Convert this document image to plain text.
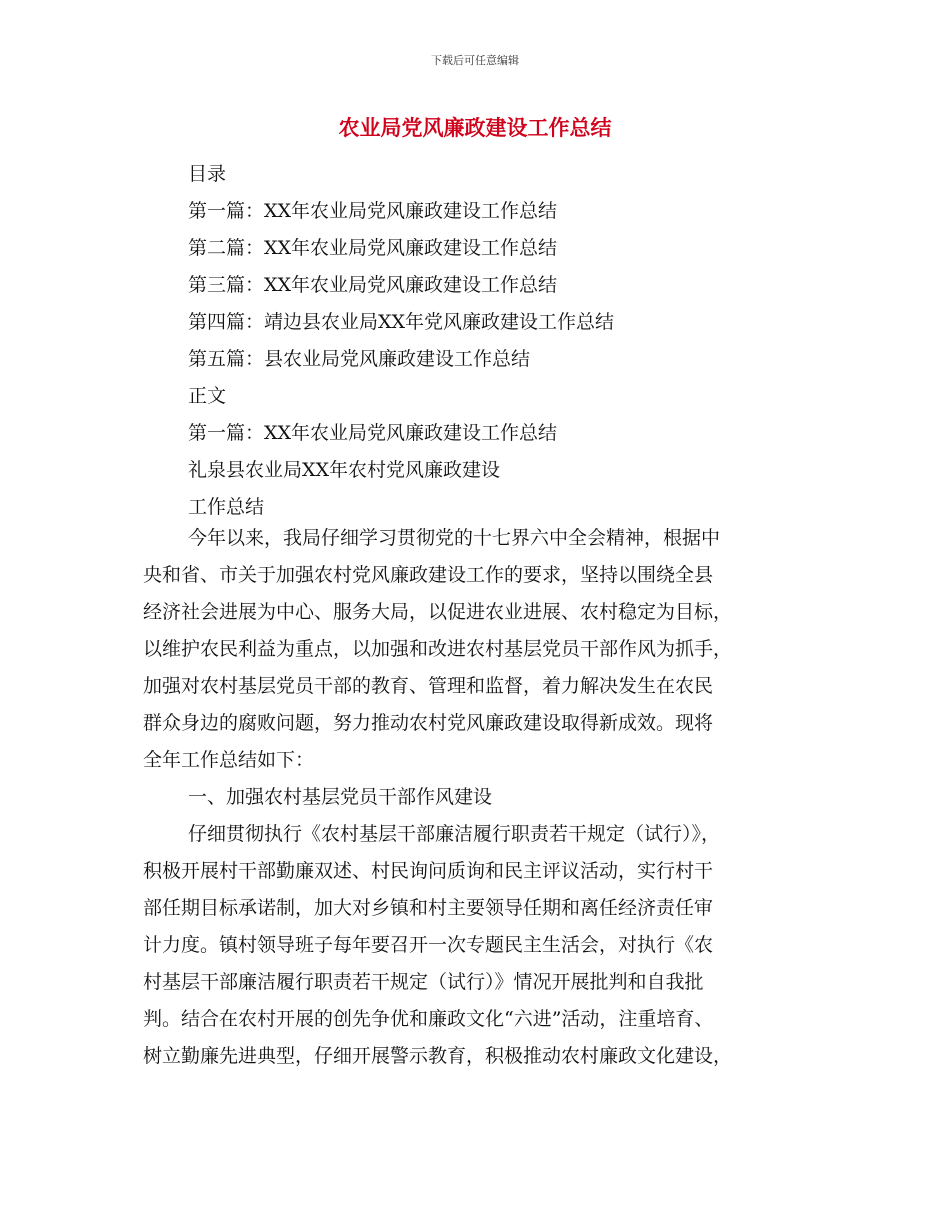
下载后可任意编辑
农业局党风廉政建设工作总结
目录
第一篇：XX年农业局党风廉政建设工作总结
第二篇：XX年农业局党风廉政建设工作总结
第三篇：XX年农业局党风廉政建设工作总结
第四篇：靖边县农业局XX年党风廉政建设工作总结
第五篇：县农业局党风廉政建设工作总结
正文
第一篇：XX年农业局党风廉政建设工作总结
礼泉县农业局XX年农村党风廉政建设
工作总结
今年以来，我局仔细学习贯彻党的十七界六中全会精神，根据中
央和省、市关于加强农村党风廉政建设工作的要求，坚持以围绕全县
经济社会进展为中心、服务大局，以促进农业进展、农村稳定为目标，
以维护农民利益为重点，以加强和改进农村基层党员干部作风为抓手，
加强对农村基层党员干部的教育、管理和监督，着力解决发生在农民
群众身边的腐败问题，努力推动农村党风廉政建设取得新成效。现将
全年工作总结如下：
一、加强农村基层党员干部作风建设
仔细贯彻执行《农村基层干部廉洁履行职责若干规定（试行）》，
积极开展村干部勤廉双述、村民询问质询和民主评议活动，实行村干
部任期目标承诺制，加大对乡镇和村主要领导任期和离任经济责任审
计力度。镇村领导班子每年要召开一次专题民主生活会，对执行《农
村基层干部廉洁履行职责若干规定（试行）》情况开展批判和自我批
判。结合在农村开展的创先争优和廉政文化“六进”活动，注重培育、
树立勤廉先进典型，仔细开展警示教育，积极推动农村廉政文化建设，
